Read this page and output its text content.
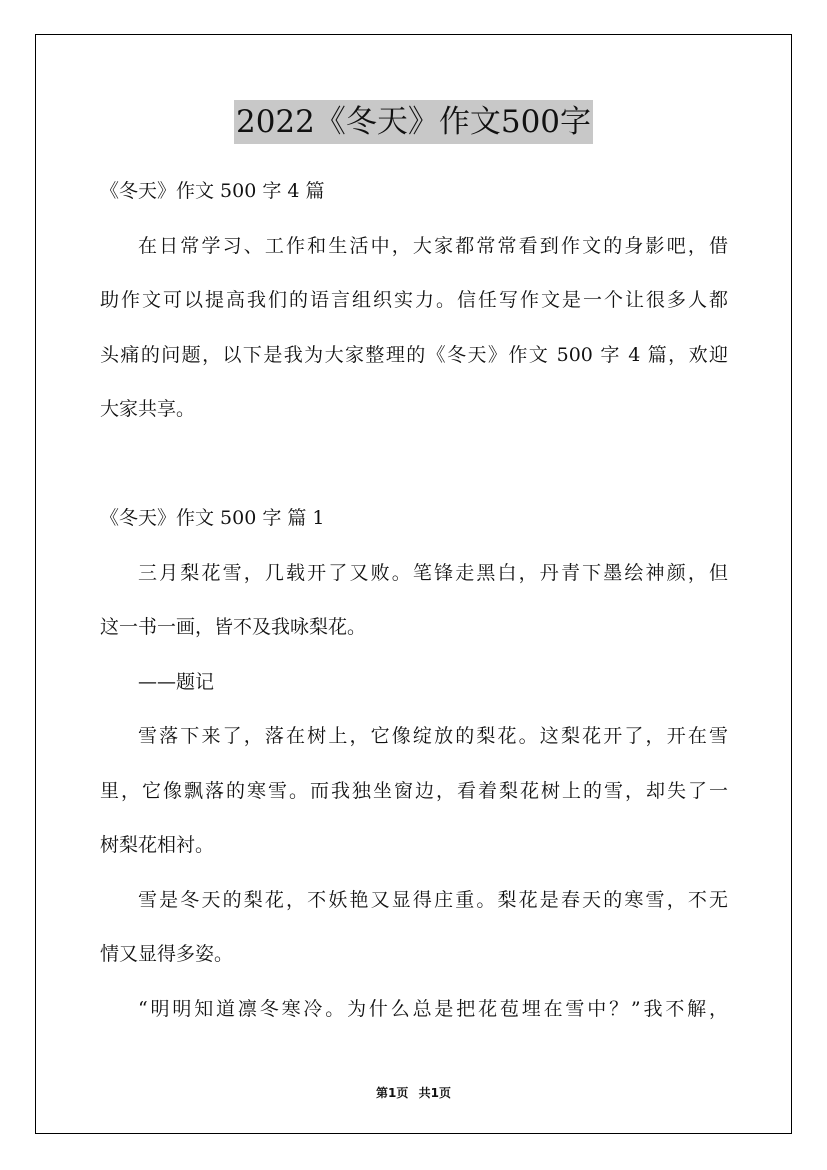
2022《冬天》作文500字
《冬天》作文 500 字 4 篇
在日常学习、工作和生活中，大家都常常看到作文的身影吧，借
助作文可以提高我们的语言组织实力。信任写作文是一个让很多人都
头痛的问题，以下是我为大家整理的《冬天》作文 500 字 4 篇，欢迎
大家共享。
《冬天》作文 500 字 篇 1
三月梨花雪，几载开了又败。笔锋走黑白，丹青下墨绘神颜，但
这一书一画，皆不及我咏梨花。
——题记
雪落下来了，落在树上，它像绽放的梨花。这梨花开了，开在雪
里，它像飘落的寒雪。而我独坐窗边，看着梨花树上的雪，却失了一
树梨花相衬。
雪是冬天的梨花，不妖艳又显得庄重。梨花是春天的寒雪，不无
情又显得多姿。
“明明知道凛冬寒冷。为什么总是把花苞埋在雪中？”我不解，
第1页 共1页
